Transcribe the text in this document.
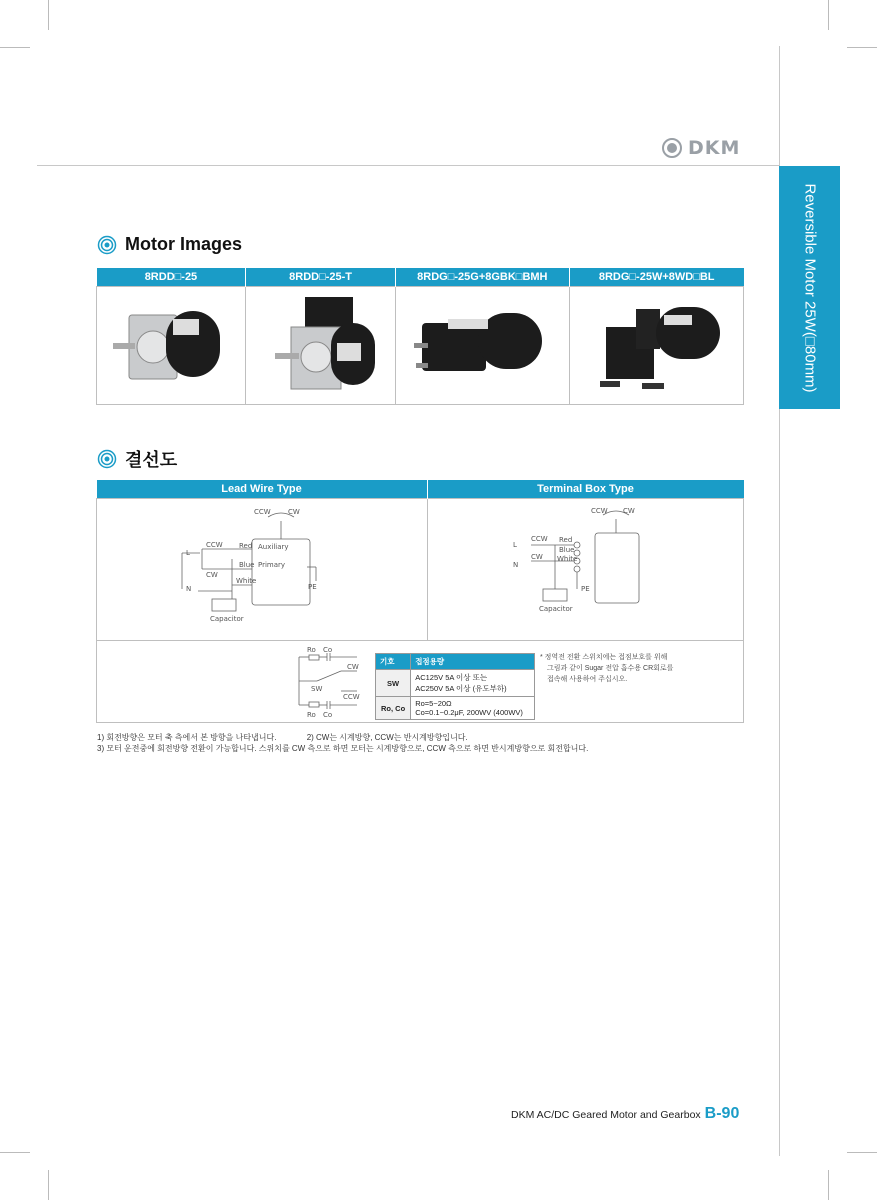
DKM
Reversible Motor 25W(□80mm)
Motor Images
8RDD□-25	8RDD□-25-T	8RDG□-25G+8GBK□BMH	8RDG□-25W+8WD□BL

결선도
Lead Wire Type	Terminal Box Type

CCW CW
L
CCW
CW
N
Red
Blue
White
Auxiliary
Primary
PE
Capacitor

CCW CW
L
N
CCW
CW
Red
Blue
White
PE
Capacitor

Ro Co
CW
SW
CCW
Ro Co
기호	접점용량
SW	
AC125V 5A 이상 또는
AC250V 5A 이상 (유도부하)

Ro, Co	Ro=5~20Ω
Co=0.1~0.2μF, 200WV (400WV)
* 정역전 전환 스위치에는 접점보호를 위해
그림과 같이 Sugar 전압 흡수용 CR회로를
접속해 사용하여 주십시오.
1) 회전방향은 모터 축 측에서 본 방향을 나타냅니다.	2) CW는 시계방향, CCW는 반시계방향입니다.
3) 모터 운전중에 회전방향 전환이 가능합니다. 스위치를 CW 측으로 하면 모터는 시계방향으로, CCW 측으로 하면 반시계방향으로 회전합니다.
DKM AC/DC Geared Motor and Gearbox B-90
